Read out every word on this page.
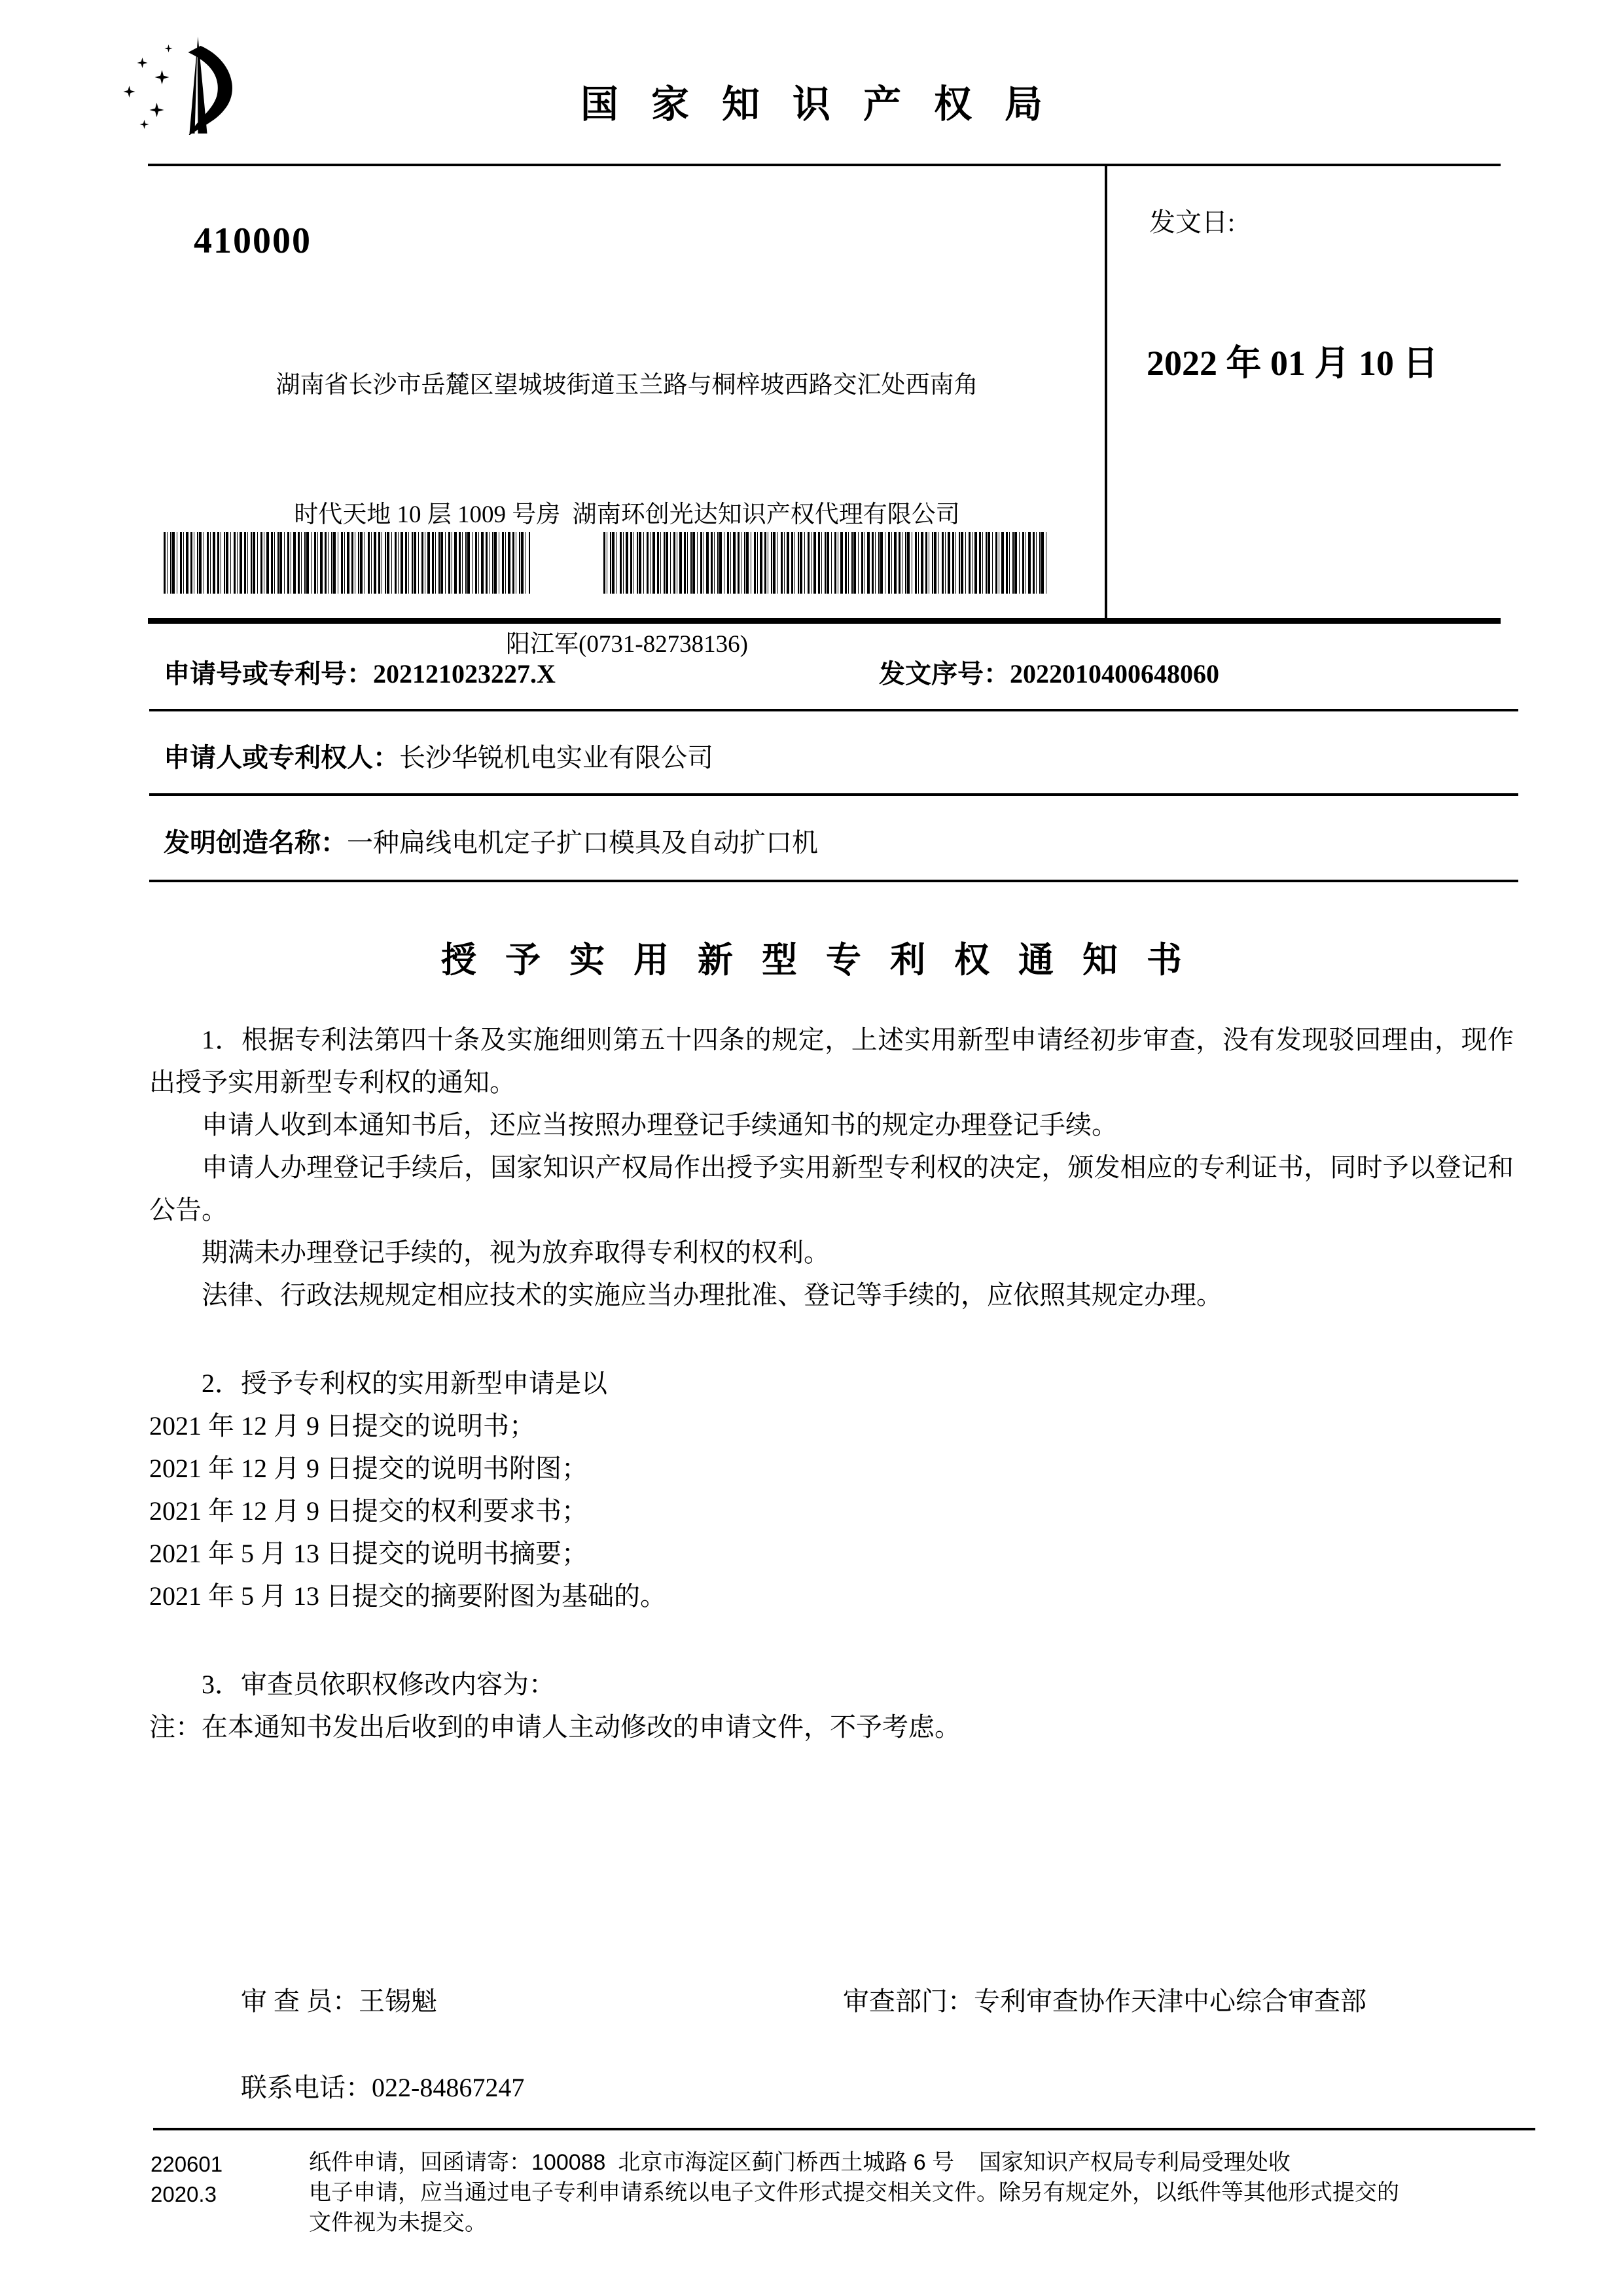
国家知识产权局
410000

湖南省长沙市岳麓区望城坡街道玉兰路与桐梓坡西路交汇处西南角

时代天地 10 层 1009 号房  湖南环创光达知识产权代理有限公司

阳江军(0731-82738136)

发文日:
2022 年 01 月 10 日
申请号或专利号：202121023227.X	发文序号：2022010400648060
申请人或专利权人：长沙华锐机电实业有限公司
发明创造名称：一种扁线电机定子扩口模具及自动扩口机
授予实用新型专利权通知书

1．根据专利法第四十条及实施细则第五十四条的规定，上述实用新型申请经初步审查，没有发现驳回理由，现作出授予实用新型专利权的通知。

申请人收到本通知书后，还应当按照办理登记手续通知书的规定办理登记手续。

申请人办理登记手续后，国家知识产权局作出授予实用新型专利权的决定，颁发相应的专利证书，同时予以登记和公告。

期满未办理登记手续的，视为放弃取得专利权的权利。

法律、行政法规规定相应技术的实施应当办理批准、登记等手续的，应依照其规定办理。

2．授予专利权的实用新型申请是以

2021 年 12 月 9 日提交的说明书；

2021 年 12 月 9 日提交的说明书附图；

2021 年 12 月 9 日提交的权利要求书；

2021 年 5 月 13 日提交的说明书摘要；

2021 年 5 月 13 日提交的摘要附图为基础的。

3．审查员依职权修改内容为：

注：在本通知书发出后收到的申请人主动修改的申请文件，不予考虑。

审 查 员：王锡魁	审查部门：专利审查协作天津中心综合审查部
联系电话：022-84867247
220601
2020.3
纸件申请，回函请寄：100088  北京市海淀区蓟门桥西土城路 6 号    国家知识产权局专利局受理处收
电子申请，应当通过电子专利申请系统以电子文件形式提交相关文件。除另有规定外，以纸件等其他形式提交的
文件视为未提交。
